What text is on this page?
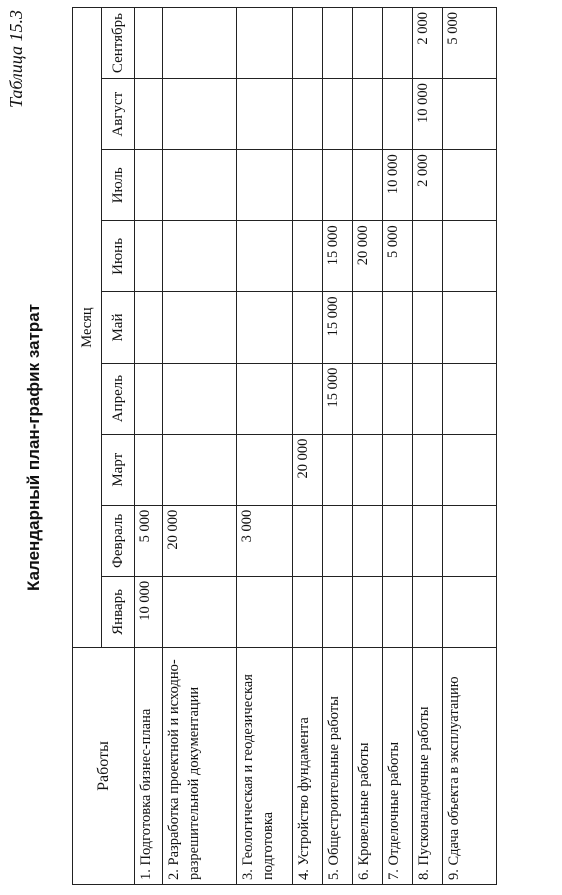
Таблица 15.3
Календарный план-график затрат
Работы	Месяц								
	Январь	Февраль	Март	Апрель	Май	Июнь	Июль	Август	Сентябрь
1. Подготовка бизнес-плана	10 000	5 000							
2. Разработка проектной и исходно-разрешительной документации		20 000							
3. Геологическая и геодезическая подготовка		3 000							
4. Устройство фундамента			20 000						
5. Общестроительные работы				15 000	15 000	15 000			
6. Кровельные работы						20 000			
7. Отделочные работы						5 000	10 000		
8. Пусконаладочные работы							2 000	10 000	2 000
9. Сдача объекта в эксплуатацию									5 000
